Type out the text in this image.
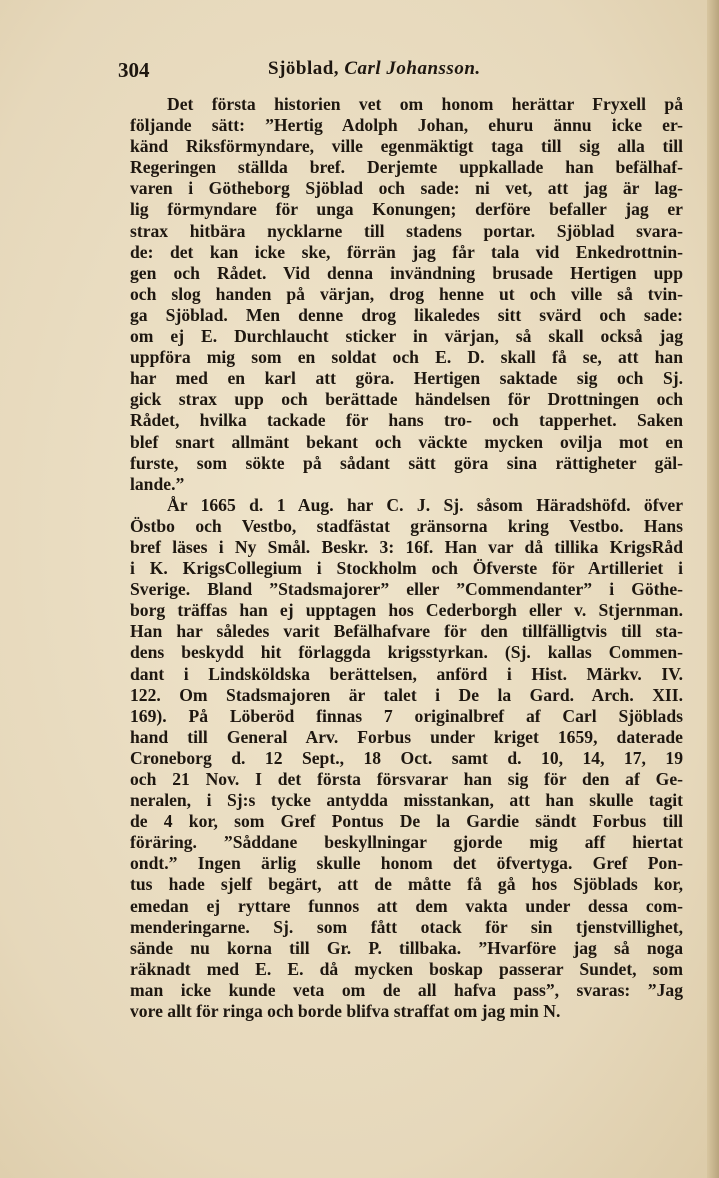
304	Sjöblad, Carl Johansson.
Det första historien vet om honom herättar Fryxell på
följande sätt: ”Hertig Adolph Johan, ehuru ännu icke er-
känd Riksförmyndare, ville egenmäktigt taga till sig alla till
Regeringen ställda bref. Derjemte uppkallade han befälhaf-
varen i Götheborg Sjöblad och sade: ni vet, att jag är lag-
lig förmyndare för unga Konungen; derföre befaller jag er
strax hitbära nycklarne till stadens portar. Sjöblad svara-
de: det kan icke ske, förrän jag får tala vid Enkedrottnin-
gen och Rådet. Vid denna invändning brusade Hertigen upp
och slog handen på värjan, drog henne ut och ville så tvin-
ga Sjöblad. Men denne drog likaledes sitt svärd och sade:
om ej E. Durchlaucht sticker in värjan, så skall också jag
uppföra mig som en soldat och E. D. skall få se, att han
har med en karl att göra. Hertigen saktade sig och Sj.
gick strax upp och berättade händelsen för Drottningen och
Rådet, hvilka tackade för hans tro- och tapperhet. Saken
blef snart allmänt bekant och väckte mycken ovilja mot en
furste, som sökte på sådant sätt göra sina rättigheter gäl-
lande.”
År 1665 d. 1 Aug. har C. J. Sj. såsom Häradshöfd. öfver
Östbo och Vestbo, stadfästat gränsorna kring Vestbo. Hans
bref läses i Ny Smål. Beskr. 3: 16f. Han var då tillika KrigsRåd
i K. KrigsCollegium i Stockholm och Öfverste för Artilleriet i
Sverige. Bland ”Stadsmajorer” eller ”Commendanter” i Göthe-
borg träffas han ej upptagen hos Cederborgh eller v. Stjernman.
Han har således varit Befälhafvare för den tillfälligtvis till sta-
dens beskydd hit förlaggda krigsstyrkan. (Sj. kallas Commen-
dant i Lindsköldska berättelsen, anförd i Hist. Märkv. IV.
122. Om Stadsmajoren är talet i De la Gard. Arch. XII.
169). På Löberöd finnas 7 originalbref af Carl Sjöblads
hand till General Arv. Forbus under kriget 1659, daterade
Croneborg d. 12 Sept., 18 Oct. samt d. 10, 14, 17, 19
och 21 Nov. I det första försvarar han sig för den af Ge-
neralen, i Sj:s tycke antydda misstankan, att han skulle tagit
de 4 kor, som Gref Pontus De la Gardie sändt Forbus till
föräring. ”Såddane beskyllningar gjorde mig aff hiertat
ondt.” Ingen ärlig skulle honom det öfvertyga. Gref Pon-
tus hade sjelf begärt, att de måtte få gå hos Sjöblads kor,
emedan ej ryttare funnos att dem vakta under dessa com-
menderingarne. Sj. som fått otack för sin tjenstvillighet,
sände nu korna till Gr. P. tillbaka. ”Hvarföre jag så noga
räknadt med E. E. då mycken boskap passerar Sundet, som
man icke kunde veta om de all hafva pass”, svaras: ”Jag
vore allt för ringa och borde blifva straffat om jag min N.
